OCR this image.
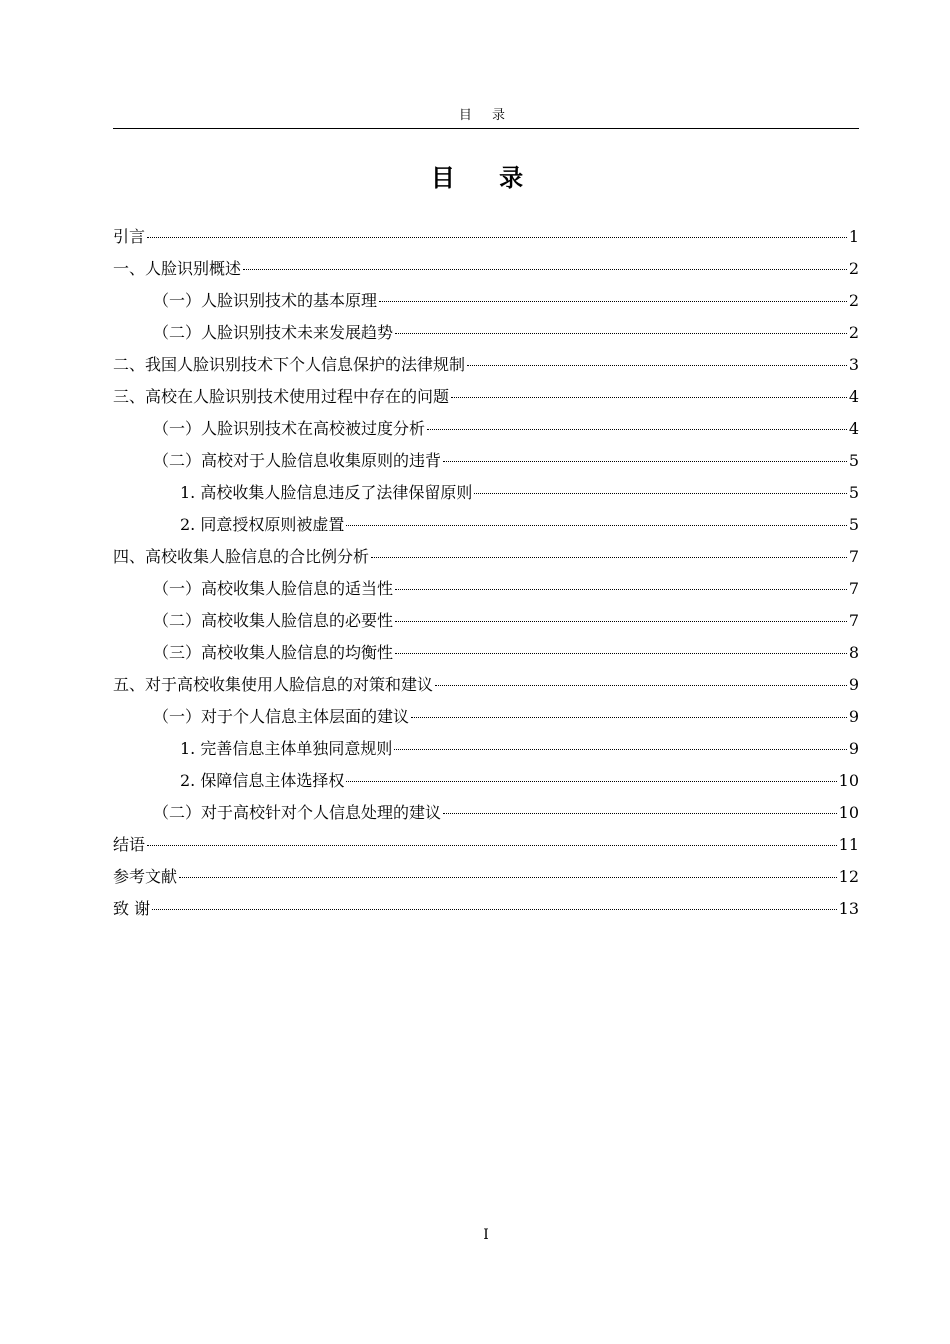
目 录
目 录
引言	1
一、人脸识别概述	2
（一）人脸识别技术的基本原理	2
（二）人脸识别技术未来发展趋势	2
二、我国人脸识别技术下个人信息保护的法律规制	3
三、高校在人脸识别技术使用过程中存在的问题	4
（一）人脸识别技术在高校被过度分析	4
（二）高校对于人脸信息收集原则的违背	5
1. 高校收集人脸信息违反了法律保留原则	5
2. 同意授权原则被虚置	5
四、高校收集人脸信息的合比例分析	7
（一）高校收集人脸信息的适当性	7
（二）高校收集人脸信息的必要性	7
（三）高校收集人脸信息的均衡性	8
五、对于高校收集使用人脸信息的对策和建议	9
（一）对于个人信息主体层面的建议	9
1. 完善信息主体单独同意规则	9
2. 保障信息主体选择权	10
（二）对于高校针对个人信息处理的建议	10
结语	11
参考文献	12
致 谢	13
I
